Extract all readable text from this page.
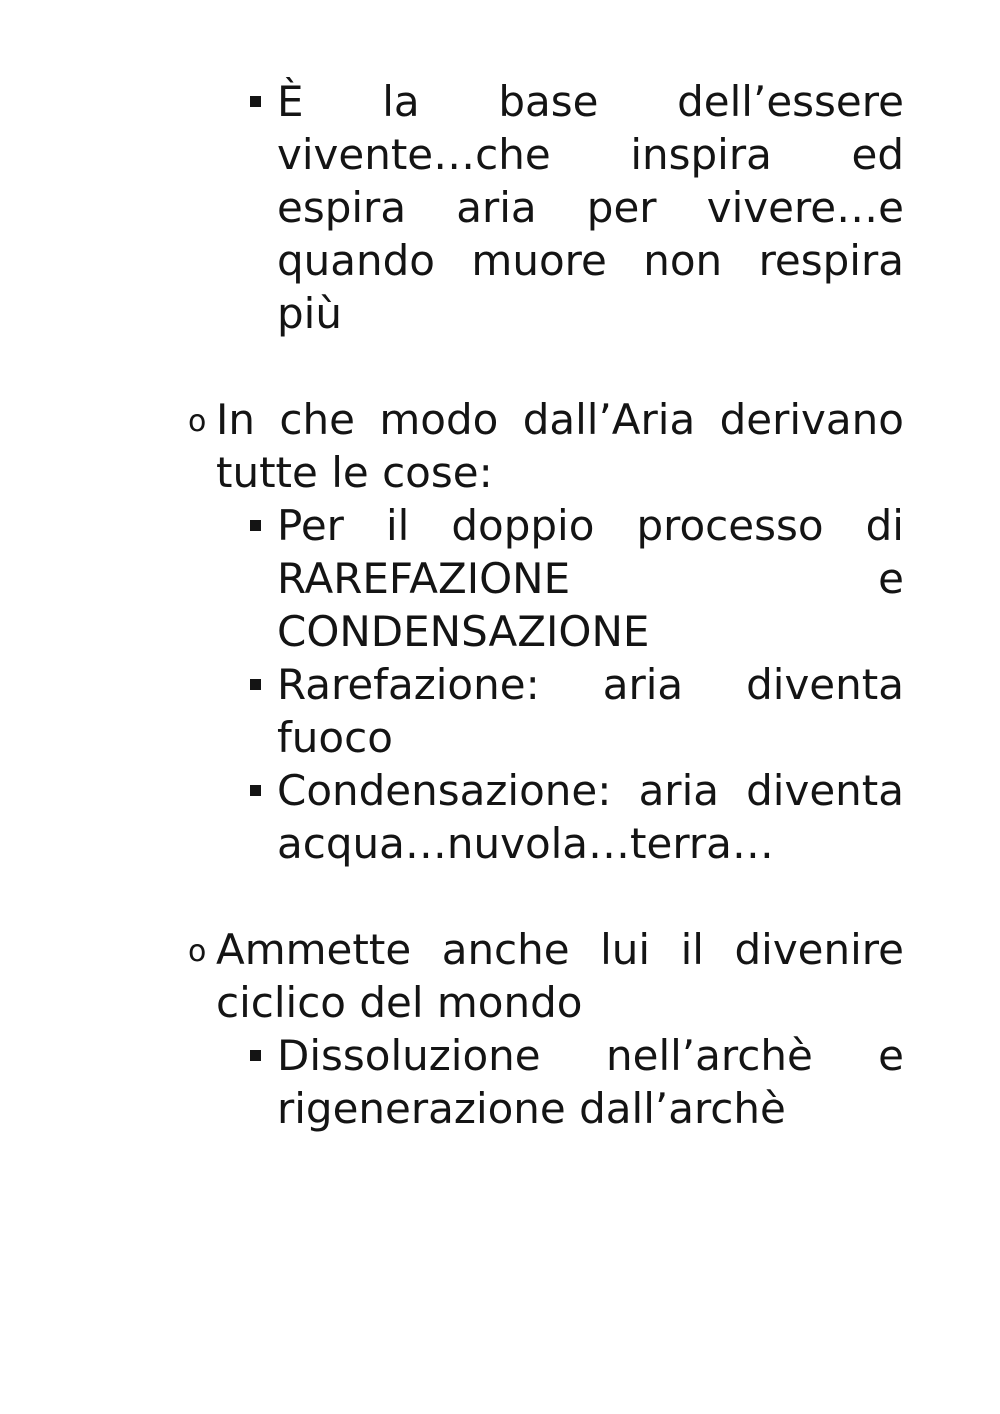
È la base dell’essere
vivente…che inspira ed
espira aria per vivere…e
quando muore non respira
più
o In che modo dall’Aria derivano
tutte le cose:
Per il doppio processo di
RAREFAZIONE	e
CONDENSAZIONE
Rarefazione: aria diventa
fuoco
Condensazione: aria diventa
acqua…nuvola…terra…
o Ammette anche lui il divenire
ciclico del mondo
Dissoluzione nell’archè e
rigenerazione dall’archè
